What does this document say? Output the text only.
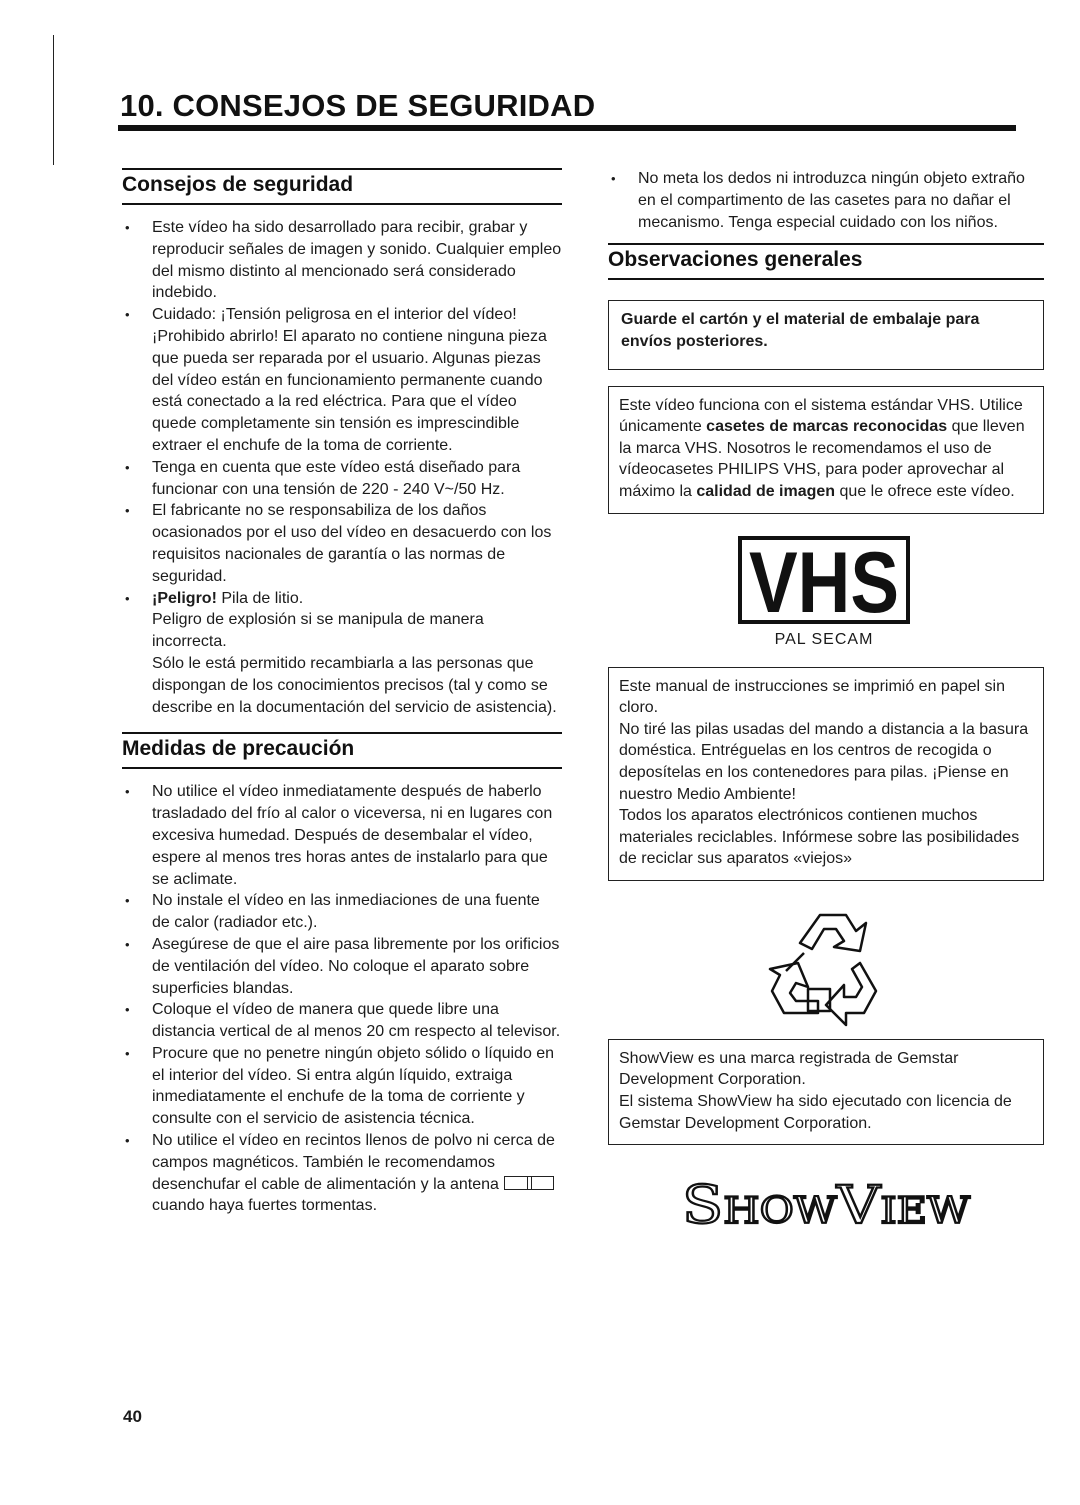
10. CONSEJOS DE SEGURIDAD
Consejos de seguridad
• Este vídeo ha sido desarrollado para recibir, grabar y reproducir señales de imagen y sonido. Cualquier empleo del mismo distinto al mencionado será considerado indebido.

• Cuidado: ¡Tensión peligrosa en el interior del vídeo! ¡Prohibido abrirlo! El aparato no contiene ninguna pieza que pueda ser reparada por el usuario. Algunas piezas del vídeo están en funcionamiento permanente cuando está conectado a la red eléctrica. Para que el vídeo quede completamente sin tensión es imprescindible extraer el enchufe de la toma de corriente.

• Tenga en cuenta que este vídeo está diseñado para funcionar con una tensión de 220 - 240 V~/50 Hz.

• El fabricante no se responsabiliza de los daños ocasionados por el uso del vídeo en desacuerdo con los requisitos nacionales de garantía o las normas de seguridad.

• ¡Peligro! Pila de litio.

Peligro de explosión si se manipula de manera incorrecta.

Sólo le está permitido recambiarla a las personas que dispongan de los conocimientos precisos (tal y como se describe en la documentación del servicio de asistencia).

Medidas de precaución
• No utilice el vídeo inmediatamente después de haberlo trasladado del frío al calor o viceversa, ni en lugares con excesiva humedad. Después de desembalar el vídeo, espere al menos tres horas antes de instalarlo para que se aclimate.

• No instale el vídeo en las inmediaciones de una fuente de calor (radiador etc.).

• Asegúrese de que el aire pasa libremente por los orificios de ventilación del vídeo. No coloque el aparato sobre superficies blandas.

• Coloque el vídeo de manera que quede libre una distancia vertical de al menos 20 cm respecto al televisor.

• Procure que no penetre ningún objeto sólido o líquido en el interior del vídeo. Si entra algún líquido, extraiga inmediatamente el enchufe de la toma de corriente y consulte con el servicio de asistencia técnica.

• No utilice el vídeo en recintos llenos de polvo ni cerca de campos magnéticos. También le recomendamos desenchufar el cable de alimentación y la antena  cuando haya fuertes tormentas.

• No meta los dedos ni introduzca ningún objeto extraño en el compartimento de las casetes para no dañar el mecanismo. Tenga especial cuidado con los niños.

Observaciones generales

Guarde el cartón y el material de embalaje para envíos posteriores.

Este vídeo funciona con el sistema estándar VHS. Utilice únicamente casetes de marcas reconocidas que lleven la marca VHS. Nosotros le recomendamos el uso de vídeocasetes PHILIPS VHS, para poder aprovechar al máximo la calidad de imagen que le ofrece este vídeo.

VHS
PAL SECAM

Este manual de instrucciones se imprimió en papel sin cloro.

No tiré las pilas usadas del mando a distancia a la basura doméstica. Entréguelas en los centros de recogida o deposítelas en los contenedores para pilas. ¡Piense en nuestro Medio Ambiente!

Todos los aparatos electrónicos contienen muchos materiales reciclables. Infórmese sobre las posibilidades de reciclar sus aparatos «viejos»

ShowView es una marca registrada de Gemstar Development Corporation.

El sistema ShowView ha sido ejecutado con licencia de Gemstar Development Corporation.

ShowView
40
